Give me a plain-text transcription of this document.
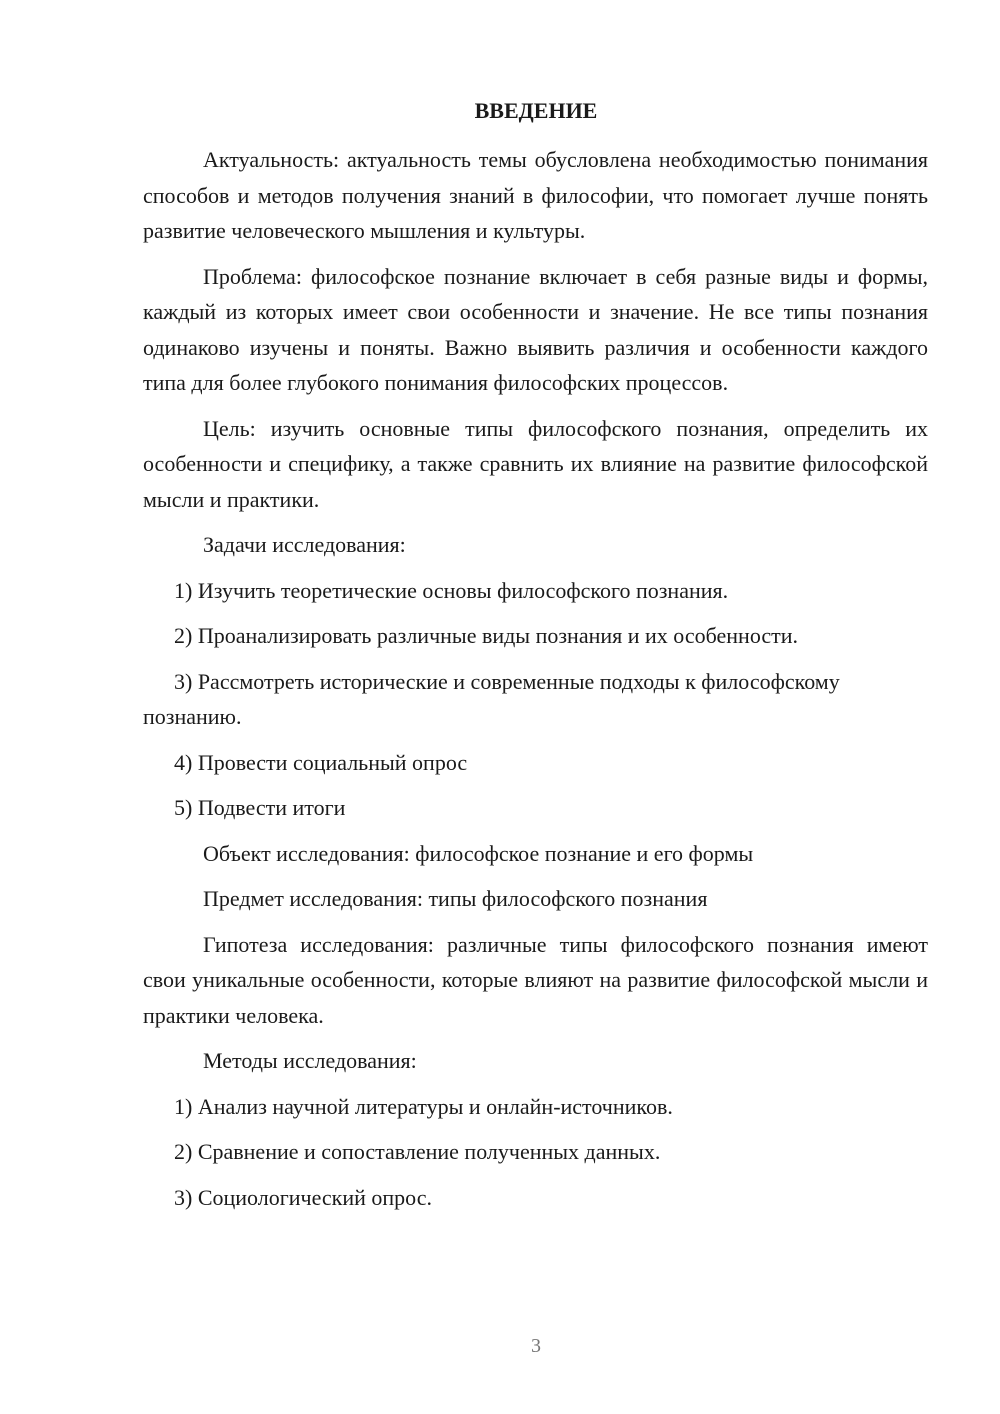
ВВЕДЕНИЕ

Актуальность: актуальность темы обусловлена необходимостью понимания способов и методов получения знаний в философии, что помогает лучше понять развитие человеческого мышления и культуры.

Проблема: философское познание включает в себя разные виды и формы, каждый из которых имеет свои особенности и значение. Не все типы познания одинаково изучены и поняты. Важно выявить различия и особенности каждого типа для более глубокого понимания философских процессов.

Цель: изучить основные типы философского познания, определить их особенности и специфику, а также сравнить их влияние на развитие философской мысли и практики.

Задачи исследования:

1) Изучить теоретические основы философского познания.

2) Проанализировать различные виды познания и их особенности.

3) Рассмотреть исторические и современные подходы к философскому познанию.

4) Провести социальный опрос

5) Подвести итоги

Объект исследования: философское познание и его формы

Предмет исследования: типы философского познания

Гипотеза исследования: различные типы философского познания имеют свои уникальные особенности, которые влияют на развитие философской мысли и практики человека.

Методы исследования:

1) Анализ научной литературы и онлайн-источников.

2) Сравнение и сопоставление полученных данных.

3) Социологический опрос.

3
